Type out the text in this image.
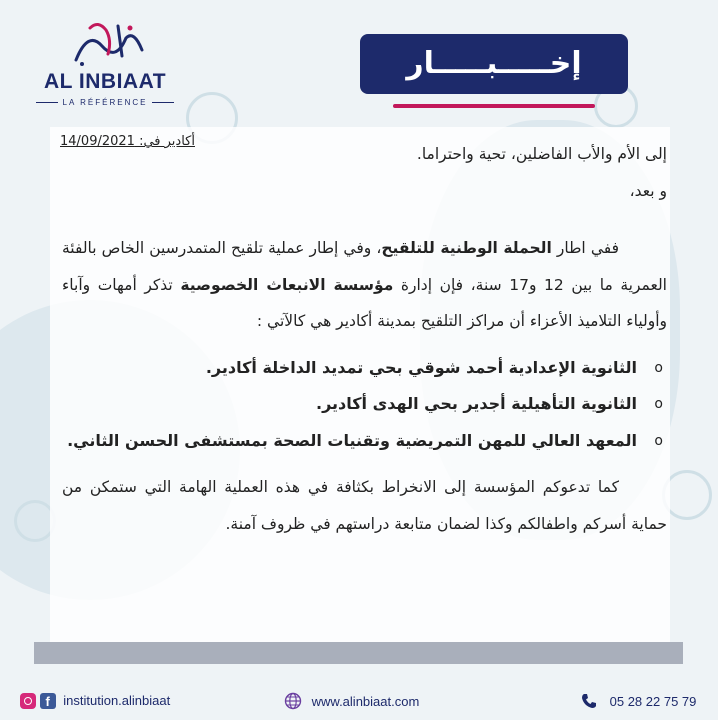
AL INBIAAT
LA RÉFÉRENCE
إخـــــبـــــار
أكادير في: 14/09/2021

إلى الأم والأب الفاضلين، تحية واحتراما.

و بعد،

ففي اطار الحملة الوطنية للتلقيح، وفي إطار عملية تلقيح المتمدرسين الخاص بالفئة العمرية ما بين 12 و17 سنة، فإن إدارة مؤسسة الانبعاث الخصوصية تذكر أمهات وآباء وأولياء التلاميذ الأعزاء أن مراكز التلقيح بمدينة أكادير هي كالآتي :

o الثانوية الإعدادية أحمد شوقي بحي تمديد الداخلة أكادير.
o الثانوية التأهيلية أجدير بحي الهدى أكادير.
o المعهد العالي للمهن التمريضية وتقنيات الصحة بمستشفى الحسن الثاني.

كما تدعوكم المؤسسة إلى الانخراط بكثافة في هذه العملية الهامة التي ستمكن من حماية أسركم واطفالكم وكذا لضمان متابعة دراستهم في ظروف آمنة.

f institution.alinbiaat	www.alinbiaat.com	05 28 22 75 79
